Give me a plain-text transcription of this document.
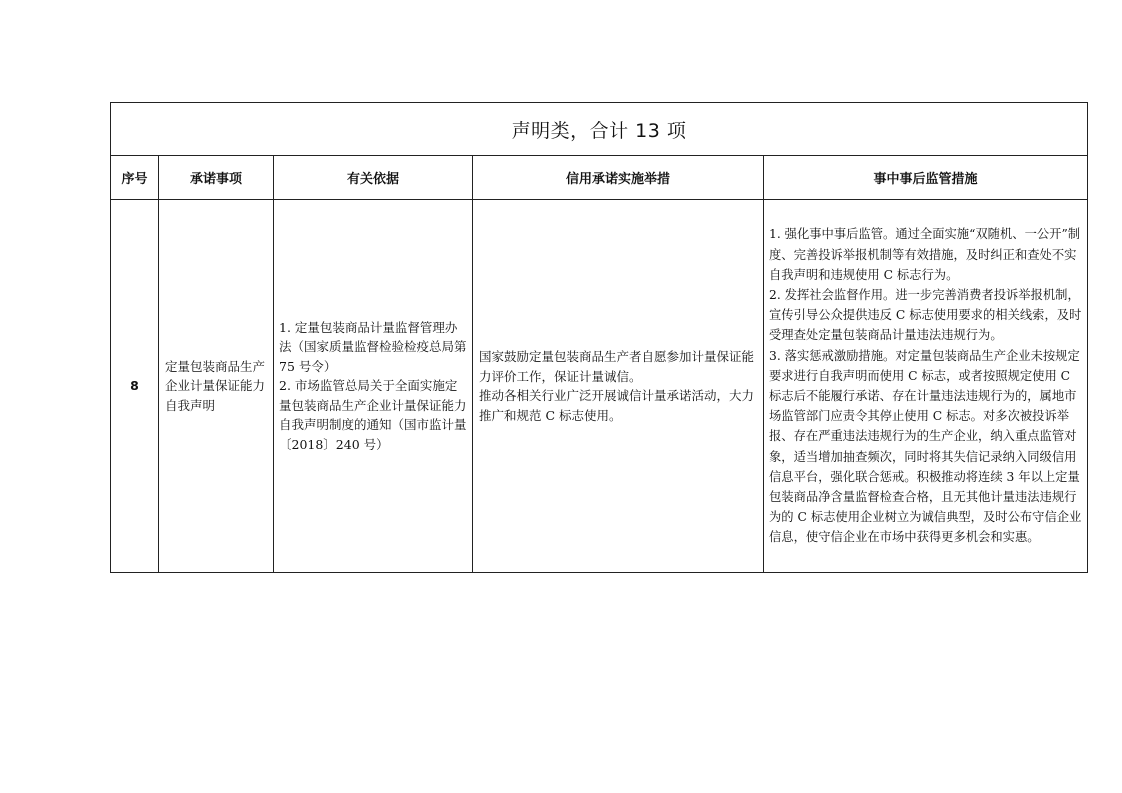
声明类，合计 13 项				
序号	承诺事项	有关依据	信用承诺实施举措	事中事后监管措施
8	定量包装商品生产企业计量保证能力自我声明	1. 定量包装商品计量监督管理办法（国家质量监督检验检疫总局第 75 号令）
2. 市场监管总局关于全面实施定量包装商品生产企业计量保证能力自我声明制度的通知（国市监计量〔2018〕240 号）	国家鼓励定量包装商品生产者自愿参加计量保证能力评价工作，保证计量诚信。
推动各相关行业广泛开展诚信计量承诺活动，大力推广和规范 C 标志使用。	1. 强化事中事后监管。通过全面实施“双随机、一公开”制度、完善投诉举报机制等有效措施，及时纠正和查处不实自我声明和违规使用 C 标志行为。
2. 发挥社会监督作用。进一步完善消费者投诉举报机制，宣传引导公众提供违反 C 标志使用要求的相关线索，及时受理查处定量包装商品计量违法违规行为。
3. 落实惩戒激励措施。对定量包装商品生产企业未按规定要求进行自我声明而使用 C 标志，或者按照规定使用 C 标志后不能履行承诺、存在计量违法违规行为的，属地市场监管部门应责令其停止使用 C 标志。对多次被投诉举报、存在严重违法违规行为的生产企业，纳入重点监管对象，适当增加抽查频次，同时将其失信记录纳入同级信用信息平台，强化联合惩戒。积极推动将连续 3 年以上定量包装商品净含量监督检查合格，且无其他计量违法违规行为的 C 标志使用企业树立为诚信典型，及时公布守信企业信息，使守信企业在市场中获得更多机会和实惠。
